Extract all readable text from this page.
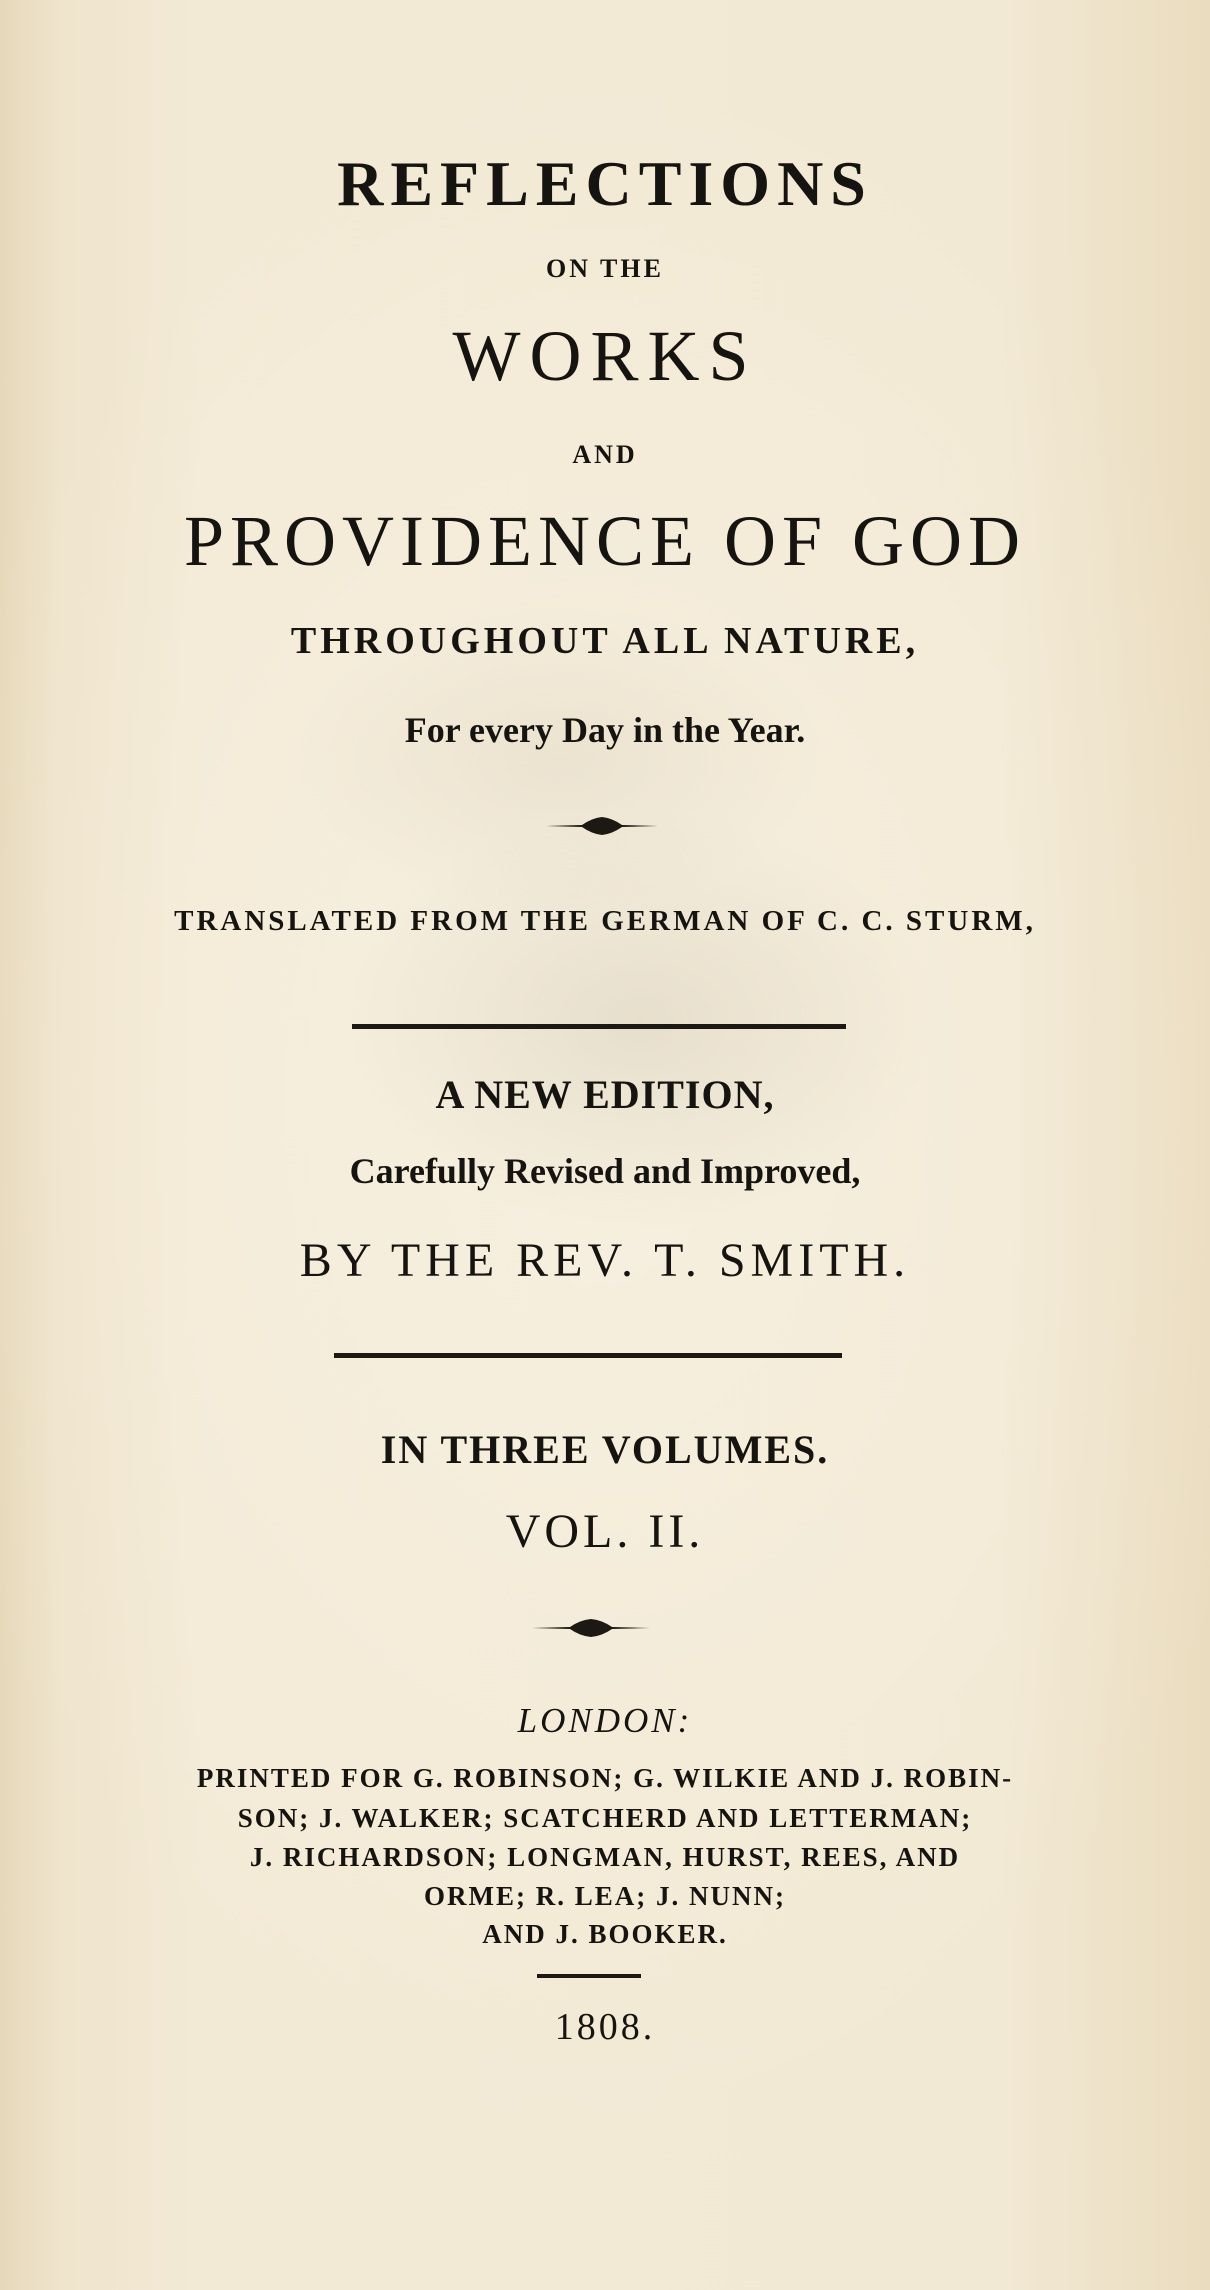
REFLECTIONS
ON THE
WORKS
AND
PROVIDENCE OF GOD
THROUGHOUT ALL NATURE,
For every Day in the Year.
TRANSLATED FROM THE GERMAN OF C. C. STURM,
A NEW EDITION,
Carefully Revised and Improved,
BY THE REV. T. SMITH.
IN THREE VOLUMES.
VOL. II.
LONDON:
PRINTED FOR G. ROBINSON; G. WILKIE AND J. ROBIN-
SON; J. WALKER; SCATCHERD AND LETTERMAN;
J. RICHARDSON; LONGMAN, HURST, REES, AND
ORME; R. LEA; J. NUNN;
AND J. BOOKER.
1808.
